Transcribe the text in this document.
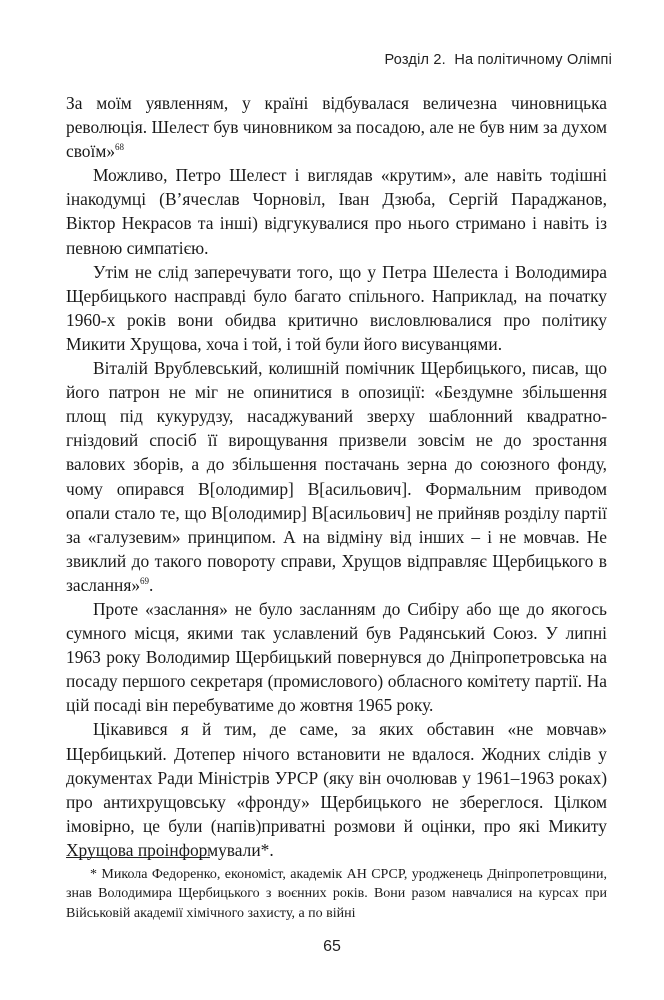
Розділ 2.  На політичному Олімпі

За моїм уявленням, у країні відбувалася величезна чиновницька революція. Шелест був чиновником за посадою, але не був ним за духом своїм»$^{68}$

Можливо, Петро Шелест і виглядав «крутим», але навіть тодішні інакодумці (В’ячеслав Чорновіл, Іван Дзюба, Сергій Параджанов, Віктор Некрасов та інші) відгукувалися про нього стримано і навіть із певною симпатією.

Утім не слід заперечувати того, що у Петра Шелеста і Володимира Щербицького насправді було багато спільного. Наприклад, на початку 1960-х років вони обидва критично висловлювалися про політику Микити Хрущова, хоча і той, і той були його висуванцями.

Віталій Врублевський, колишній помічник Щербицького, писав, що його патрон не міг не опинитися в опозиції: «Бездумне збільшення площ під кукурудзу, насаджуваний зверху шаблонний квадратно-гніздовий спосіб її вирощування призвели зовсім не до зростання валових зборів, а до збільшення постачань зерна до союзного фонду, чому опирався В[олодимир] В[асильович]. Формальним приводом опали стало те, що В[олодимир] В[асильович] не прийняв розділу партії за «галузевим» принципом. А на відміну від інших – і не мовчав. Не звиклий до такого повороту справи, Хрущов відправляє Щербицького в заслання»$^{69}$.

Проте «заслання» не було засланням до Сибіру або ще до якогось сумного місця, якими так уславлений був Радянський Союз. У липні 1963 року Володимир Щербицький повернувся до Дніпропетровська на посаду першого секретаря (промислового) обласного комітету партії. На цій посаді він перебуватиме до жовтня 1965 року.

Цікавився я й тим, де саме, за яких обставин «не мовчав» Щербицький. Дотепер нічого встановити не вдалося. Жодних слідів у документах Ради Міністрів УРСР (яку він очолював у 1961–1963 роках) про антихрущовську «фронду» Щербицького не збереглося. Цілком імовірно, це були (напів)приватні розмови й оцінки, про які Микиту Хрущова проінформували*.

* Микола Федоренко, економіст, академік АН СРСР, уродженець Дніпропетровщини, знав Володимира Щербицького з воєнних років. Вони разом навчалися на курсах при Військовій академії хімічного захисту, а по війні

65
